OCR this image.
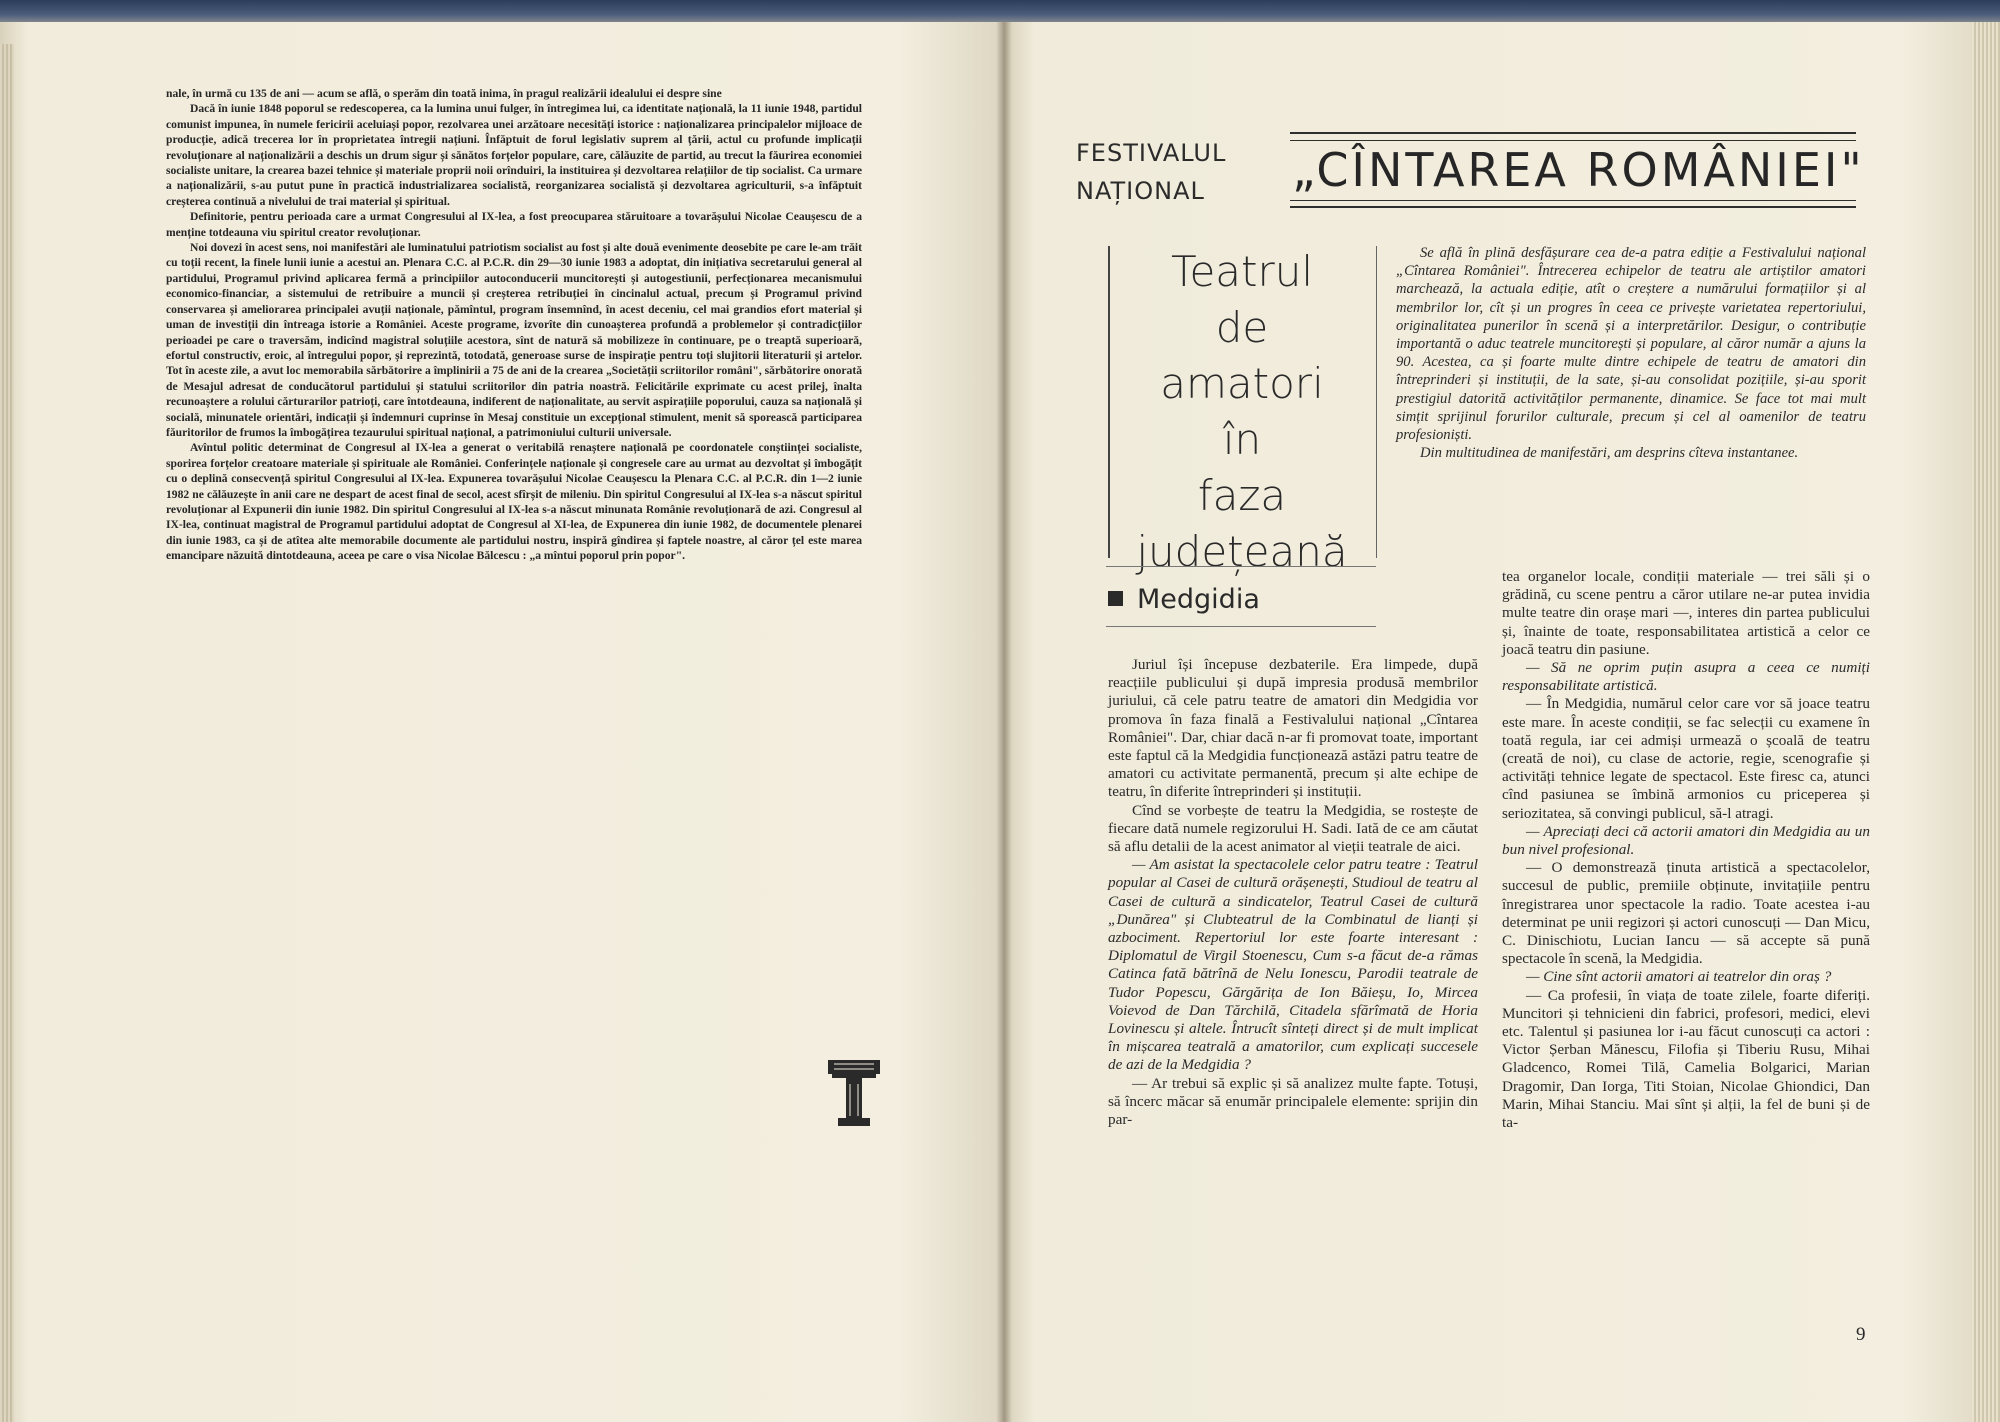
nale, în urmă cu 135 de ani — acum se află, o sperăm din toată inima, în pragul realizării idealului ei despre sine

Dacă în iunie 1848 poporul se redescoperea, ca la lumina unui fulger, în întregimea lui, ca identitate națională, la 11 iunie 1948, partidul comunist impunea, în numele fericirii aceluiași popor, rezolvarea unei arzătoare necesități istorice : naționalizarea principalelor mijloace de producție, adică trecerea lor în proprietatea întregii națiuni. Înfăptuit de forul legislativ suprem al țării, actul cu profunde implicații revoluționare al naționalizării a deschis un drum sigur și sănătos forțelor populare, care, călăuzite de partid, au trecut la făurirea economiei socialiste unitare, la crearea bazei tehnice și materiale proprii noii orînduiri, la instituirea și dezvoltarea relațiilor de tip socialist. Ca urmare a naționalizării, s-au putut pune în practică industrializarea socialistă, reorganizarea socialistă și dezvoltarea agriculturii, s-a înfăptuit creșterea continuă a nivelului de trai material și spiritual.

Definitorie, pentru perioada care a urmat Congresului al IX-lea, a fost preocuparea stăruitoare a tovarășului Nicolae Ceaușescu de a menține totdeauna viu spiritul creator revoluționar.

Noi dovezi în acest sens, noi manifestări ale luminatului patriotism socialist au fost și alte două evenimente deosebite pe care le-am trăit cu toții recent, la finele lunii iunie a acestui an. Plenara C.C. al P.C.R. din 29—30 iunie 1983 a adoptat, din inițiativa secretarului general al partidului, Programul privind aplicarea fermă a principiilor autoconducerii muncitorești și autogestiunii, perfecționarea mecanismului economico-financiar, a sistemului de retribuire a muncii și creșterea retribuției în cincinalul actual, precum și Programul privind conservarea și ameliorarea principalei avuții naționale, pămîntul, program însemnînd, în acest deceniu, cel mai grandios efort material și uman de investiții din întreaga istorie a României. Aceste programe, izvorîte din cunoașterea profundă a problemelor și contradicțiilor perioadei pe care o traversăm, indicînd magistral soluțiile acestora, sînt de natură să mobilizeze în continuare, pe o treaptă superioară, efortul constructiv, eroic, al întregului popor, și reprezintă, totodată, generoase surse de inspirație pentru toți slujitorii literaturii și artelor. Tot în aceste zile, a avut loc memorabila sărbătorire a împlinirii a 75 de ani de la crearea „Societății scriitorilor români", sărbătorire onorată de Mesajul adresat de conducătorul partidului și statului scriitorilor din patria noastră. Felicitările exprimate cu acest prilej, înalta recunoaștere a rolului cărturarilor patrioți, care întotdeauna, indiferent de naționalitate, au servit aspirațiile poporului, cauza sa națională și socială, minunatele orientări, indicații și îndemnuri cuprinse în Mesaj constituie un excepțional stimulent, menit să sporească participarea făuritorilor de frumos la îmbogățirea tezaurului spiritual național, a patrimoniului culturii universale.

Avîntul politic determinat de Congresul al IX-lea a generat o veritabilă renaștere națională pe coordonatele conștiinței socialiste, sporirea forțelor creatoare materiale și spirituale ale României. Conferințele naționale și congresele care au urmat au dezvoltat și îmbogățit cu o deplină consecvență spiritul Congresului al IX-lea. Expunerea tovarășului Nicolae Ceaușescu la Plenara C.C. al P.C.R. din 1—2 iunie 1982 ne călăuzește în anii care ne despart de acest final de secol, acest sfîrșit de mileniu. Din spiritul Congresului al IX-lea s-a născut spiritul revoluționar al Expunerii din iunie 1982. Din spiritul Congresului al IX-lea s-a născut minunata Românie revoluționară de azi. Congresul al IX-lea, continuat magistral de Programul partidului adoptat de Congresul al XI-lea, de Expunerea din iunie 1982, de documentele plenarei din iunie 1983, ca și de atîtea alte memorabile documente ale partidului nostru, inspiră gîndirea și faptele noastre, al căror țel este marea emancipare năzuită dintotdeauna, aceea pe care o visa Nicolae Bălcescu : „a mîntui poporul prin popor".

FESTIVALUL
NAȚIONAL	„CÎNTAREA ROMÂNIEI"
Teatrul
de
amatori
în
faza
județeană

Se află în plină desfășurare cea de-a patra ediție a Festivalului național „Cîntarea României". Întrecerea echipelor de teatru ale artiștilor amatori marchează, la actuala ediție, atît o creștere a numărului formațiilor și al membrilor lor, cît și un progres în ceea ce privește varietatea repertoriului, originalitatea punerilor în scenă și a interpretărilor. Desigur, o contribuție importantă o aduc teatrele muncitorești și populare, al căror număr a ajuns la 90. Acestea, ca și foarte multe dintre echipele de teatru de amatori din întreprinderi și instituții, de la sate, și-au consolidat pozițiile, și-au sporit prestigiul datorită activităților permanente, dinamice. Se face tot mai mult simțit sprijinul forurilor culturale, precum și cel al oamenilor de teatru profesioniști.

Din multitudinea de manifestări, am desprins cîteva instantanee.

Medgidia

Juriul își începuse dezbaterile. Era limpede, după reacțiile publicului și după impresia produsă membrilor juriului, că cele patru teatre de amatori din Medgidia vor promova în faza finală a Festivalului național „Cîntarea României". Dar, chiar dacă n-ar fi promovat toate, important este faptul că la Medgidia funcționează astăzi patru teatre de amatori cu activitate permanentă, precum și alte echipe de teatru, în diferite întreprinderi și instituții.

Cînd se vorbește de teatru la Medgidia, se rostește de fiecare dată numele regizorului H. Sadi. Iată de ce am căutat să aflu detalii de la acest animator al vieții teatrale de aici.

— Am asistat la spectacolele celor patru teatre : Teatrul popular al Casei de cultură orășenești, Studioul de teatru al Casei de cultură a sindicatelor, Teatrul Casei de cultură „Dunărea" și Clubteatrul de la Combinatul de lianți și azbociment. Repertoriul lor este foarte interesant : Diplomatul de Virgil Stoenescu, Cum s-a făcut de-a rămas Catinca fată bătrînă de Nelu Ionescu, Parodii teatrale de Tudor Popescu, Gărgărița de Ion Băieșu, Io, Mircea Voievod de Dan Tărchilă, Citadela sfărîmată de Horia Lovinescu și altele. Întrucît sînteți direct și de mult implicat în mișcarea teatrală a amatorilor, cum explicați succesele de azi de la Medgidia ?

— Ar trebui să explic și să analizez multe fapte. Totuși, să încerc măcar să enumăr principalele elemente: sprijin din par-

tea organelor locale, condiții materiale — trei săli și o grădină, cu scene pentru a căror utilare ne-ar putea invidia multe teatre din orașe mari —, interes din partea publicului și, înainte de toate, responsabilitatea artistică a celor ce joacă teatru din pasiune.

— Să ne oprim puțin asupra a ceea ce numiți responsabilitate artistică.

— În Medgidia, numărul celor care vor să joace teatru este mare. În aceste condiții, se fac selecții cu examene în toată regula, iar cei admiși urmează o școală de teatru (creată de noi), cu clase de actorie, regie, scenografie și activități tehnice legate de spectacol. Este firesc ca, atunci cînd pasiunea se îmbină armonios cu priceperea și seriozitatea, să convingi publicul, să-l atragi.

— Apreciați deci că actorii amatori din Medgidia au un bun nivel profesional.

— O demonstrează ținuta artistică a spectacolelor, succesul de public, premiile obținute, invitațiile pentru înregistrarea unor spectacole la radio. Toate acestea i-au determinat pe unii regizori și actori cunoscuți — Dan Micu, C. Dinischiotu, Lucian Iancu — să accepte să pună spectacole în scenă, la Medgidia.

— Cine sînt actorii amatori ai teatrelor din oraș ?

— Ca profesii, în viața de toate zilele, foarte diferiți. Muncitori și tehnicieni din fabrici, profesori, medici, elevi etc. Talentul și pasiunea lor i-au făcut cunoscuți ca actori : Victor Șerban Mănescu, Filofia și Tiberiu Rusu, Mihai Gladcenco, Romei Tilă, Camelia Bolgarici, Marian Dragomir, Dan Iorga, Titi Stoian, Nicolae Ghiondici, Dan Marin, Mihai Stanciu. Mai sînt și alții, la fel de buni și de ta-

9
